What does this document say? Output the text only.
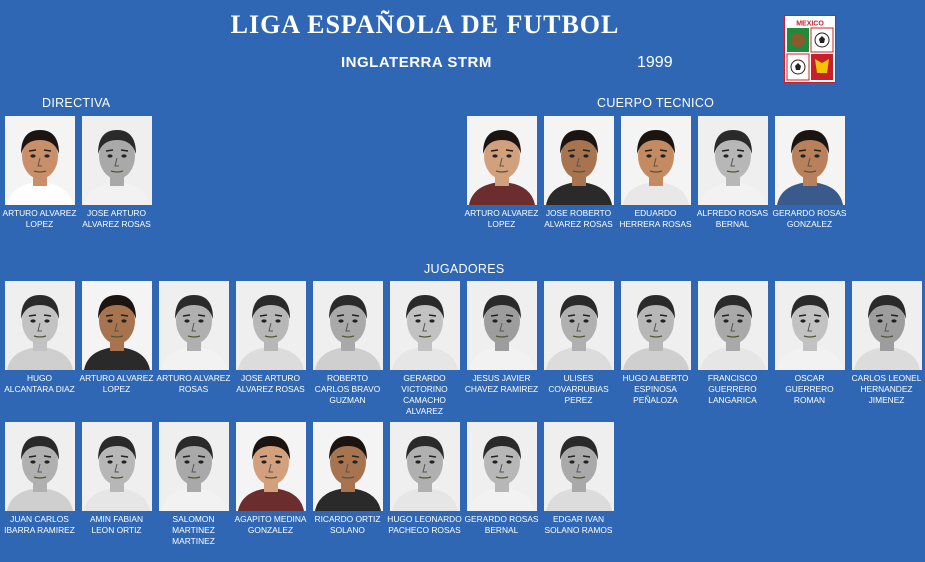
LIGA ESPAÑOLA DE FUTBOL
INGLATERRA STRM	1999
MEXICO
DIRECTIVA	CUERPO TECNICO
JUGADORES
ARTURO ALVAREZ LOPEZ
JOSE ARTURO ALVAREZ ROSAS
ARTURO ALVAREZ LOPEZ
JOSE ROBERTO ALVAREZ ROSAS
EDUARDO HERRERA ROSAS
ALFREDO ROSAS BERNAL
GERARDO ROSAS GONZALEZ
HUGO ALCANTARA DIAZ
ARTURO ALVAREZ LOPEZ
ARTURO ALVAREZ ROSAS
JOSE ARTURO ALVAREZ ROSAS
ROBERTO CARLOS BRAVO GUZMAN
GERARDO VICTORINO CAMACHO ALVAREZ
JESUS JAVIER CHAVEZ RAMIREZ
ULISES COVARRUBIAS PEREZ
HUGO ALBERTO ESPINOSA PEÑALOZA
FRANCISCO GUERRERO LANGARICA
OSCAR GUERRERO ROMAN
CARLOS LEONEL HERNANDEZ JIMENEZ
JUAN CARLOS IBARRA RAMIREZ
AMIN FABIAN LEON ORTIZ
SALOMON MARTINEZ MARTINEZ
AGAPITO MEDINA GONZALEZ
RICARDO ORTIZ SOLANO
HUGO LEONARDO PACHECO ROSAS
GERARDO ROSAS BERNAL
EDGAR IVAN SOLANO RAMOS
